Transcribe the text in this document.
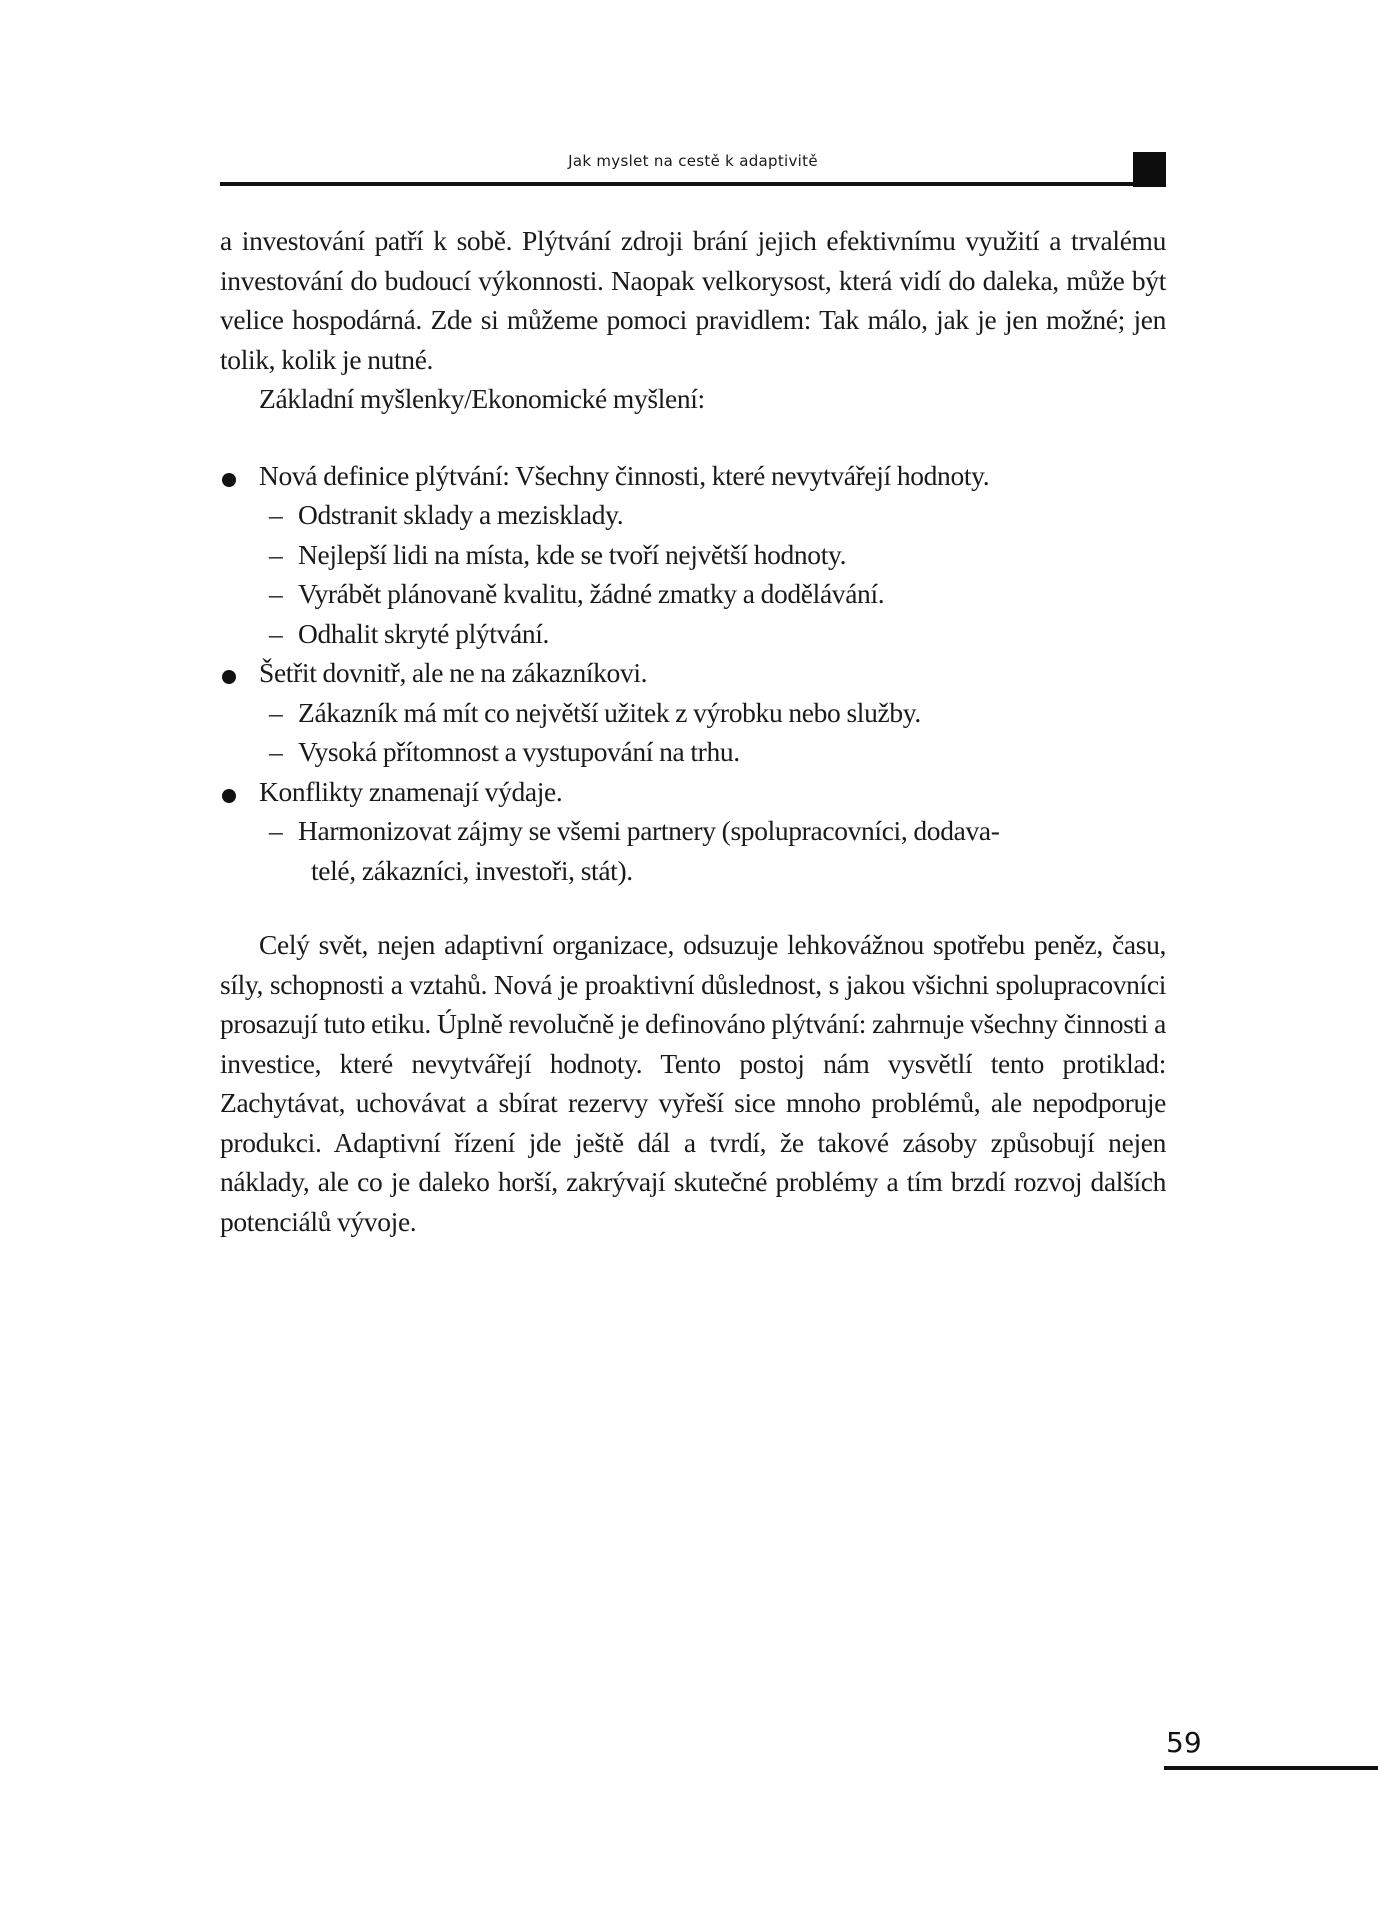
Jak myslet na cestě k adaptivitě

a investování patří k sobě. Plýtvání zdroji brání jejich efektivnímu využití a trvalému investování do budoucí výkonnosti. Naopak velkorysost, která vidí do daleka, může být velice hospodárná. Zde si můžeme pomoci pravidlem: Tak málo, jak je jen možné; jen tolik, kolik je nutné.

Základní myšlenky/Ekonomické myšlení:

Nová definice plýtvání: Všechny činnosti, které nevytvářejí hodnoty.
– Odstranit sklady a mezisklady.
– Nejlepší lidi na místa, kde se tvoří největší hodnoty.
– Vyrábět plánovaně kvalitu, žádné zmatky a dodělávání.
– Odhalit skryté plýtvání.
Šetřit dovnitř, ale ne na zákazníkovi.
– Zákazník má mít co největší užitek z výrobku nebo služby.
– Vysoká přítomnost a vystupování na trhu.
Konflikty znamenají výdaje.
– Harmonizovat zájmy se všemi partnery (spolupracovníci, dodava-
telé, zákazníci, investoři, stát).

Celý svět, nejen adaptivní organizace, odsuzuje lehkovážnou spotřebu peněz, času, síly, schopnosti a vztahů. Nová je proaktivní důslednost, s jakou všichni spolupracovníci prosazují tuto etiku. Úplně revolučně je definováno plýtvání: zahrnuje všechny činnosti a investice, které nevytvářejí hodnoty. Tento postoj nám vysvětlí tento protiklad: Zachytávat, uchovávat a sbírat rezervy vyřeší sice mnoho problémů, ale nepodporuje produkci. Adaptivní řízení jde ještě dál a tvrdí, že takové zásoby způsobují nejen náklady, ale co je daleko horší, zakrývají skutečné problémy a tím brzdí rozvoj dalších potenciálů vývoje.

59
